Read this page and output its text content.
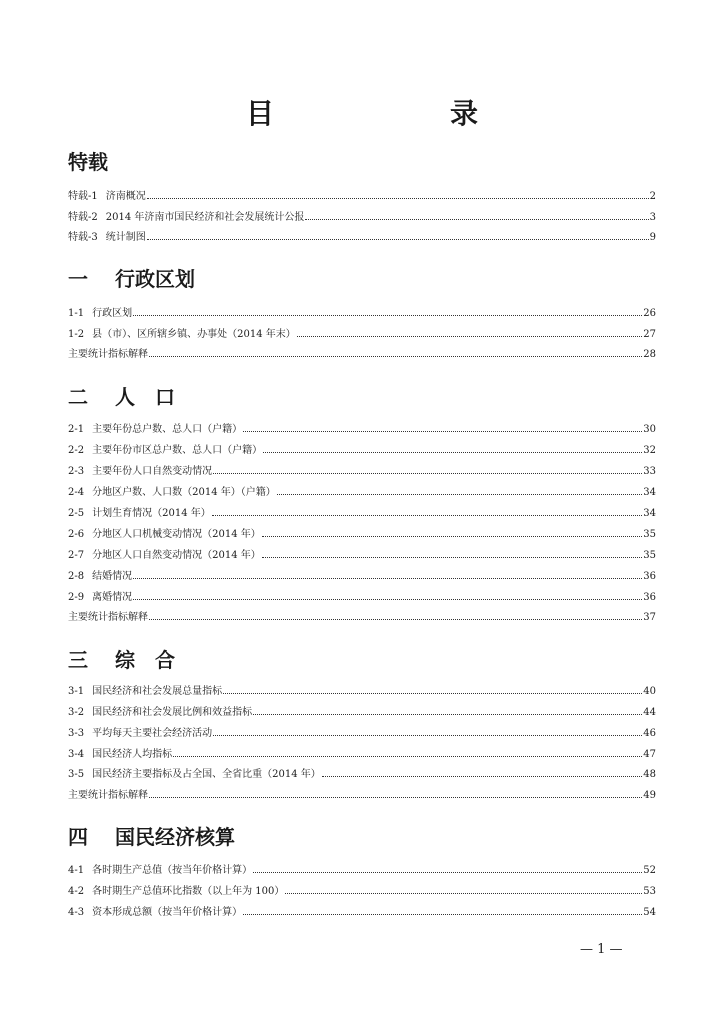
目　　录
特载
特载-1 济南概况	2
特载-2 2014 年济南市国民经济和社会发展统计公报	3
特载-3 统计制图	9
一 行政区划
1-1 行政区划	26
1-2 县（市）、区所辖乡镇、办事处（2014 年末）	27
主要统计指标解释	28
二 人　口
2-1 主要年份总户数、总人口（户籍）	30
2-2 主要年份市区总户数、总人口（户籍）	32
2-3 主要年份人口自然变动情况	33
2-4 分地区户数、人口数（2014 年）（户籍）	34
2-5 计划生育情况（2014 年）	34
2-6 分地区人口机械变动情况（2014 年）	35
2-7 分地区人口自然变动情况（2014 年）	35
2-8 结婚情况	36
2-9 离婚情况	36
主要统计指标解释	37
三 综　合
3-1 国民经济和社会发展总量指标	40
3-2 国民经济和社会发展比例和效益指标	44
3-3 平均每天主要社会经济活动	46
3-4 国民经济人均指标	47
3-5 国民经济主要指标及占全国、全省比重（2014 年）	48
主要统计指标解释	49
四 国民经济核算
4-1 各时期生产总值（按当年价格计算）	52
4-2 各时期生产总值环比指数（以上年为 100）	53
4-3 资本形成总额（按当年价格计算）	54
— 1 —
